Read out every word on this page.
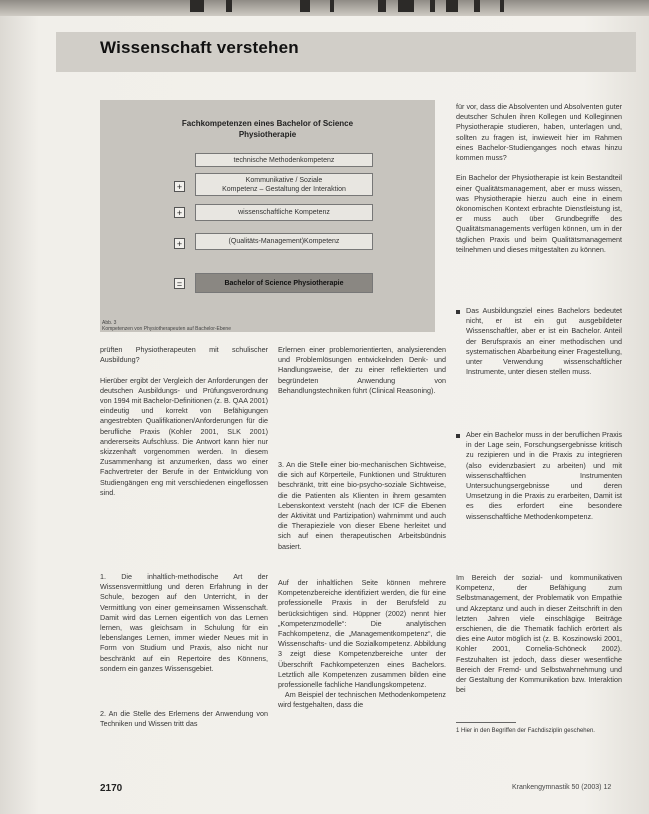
Wissenschaft verstehen
Fachkompetenzen eines Bachelor of Science
Physiotherapie
technische Methodenkompetenz
+
Kommunikative / Soziale
Kompetenz – Gestaltung der Interaktion
+	wissenschaftliche Kompetenz
+	(Qualitäts-Management)Kompetenz
=	Bachelor of Science Physiotherapie
Abb. 3
Kompetenzen von Physiotherapeuten auf Bachelor-Ebene
für vor, dass die Absolventen und Absolventen guter deutscher Schulen ihren Kollegen und Kolleginnen Physiotherapie studieren, haben, unterlagen und, sollten zu fragen ist, inwieweit hier im Rahmen eines Bachelor-Studienganges noch etwas hinzu kommen muss?

Ein Bachelor der Physiotherapie ist kein Bestandteil einer Qualitätsmanagement, aber er muss wissen, was Physiotherapie hierzu auch eine in einem ökonomischen Kontext erbrachte Dienstleistung ist, er muss auch über Grundbegriffe des Qualitätsmanagements verfügen können, um in der täglichen Praxis und beim Qualitätsmanagement teilnehmen und dieses mitgestalten zu können.
Das Ausbildungsziel eines Bachelors bedeutet nicht, er ist ein gut ausgebildeter Wissenschaftler, aber er ist ein Bachelor. Anteil der Berufspraxis an einer methodischen und systematischen Abarbeitung einer Fragestellung, unter Verwendung wissenschaftlicher Instrumente, unter diesen stellen muss.
Aber ein Bachelor muss in der beruflichen Praxis in der Lage sein, Forschungsergebnisse kritisch zu rezipieren und in die Praxis zu integrieren (also evidenzbasiert zu arbeiten) und mit wissenschaftlichen Instrumenten Untersuchungsergebnisse und deren Umsetzung in die Praxis zu erarbeiten, Damit ist es dies erfordert eine besondere wissenschaftliche Methodenkompetenz.
Im Bereich der sozial- und kommunikativen Kompetenz, der Befähigung zum Selbstmanagement, der Problematik von Empathie und Akzeptanz und auch in dieser Zeitschrift in den letzten Jahren viele einschlägige Beiträge erschienen, die die Thematik fachlich erörtert als dies eine Autor möglich ist (z. B. Koszinowski 2001, Kohler 2001, Cornelia-Schöneck 2002). Festzuhalten ist jedoch, dass dieser wesentliche Bereich der Fremd- und Selbstwahrnehmung und der Gestaltung der Kommunikation bzw. Interaktion bei
1 Hier in den Begriffen der Fachdisziplin geschehen.
prüften Physiotherapeuten mit schulischer Ausbildung?

Hierüber ergibt der Vergleich der Anforderungen der deutschen Ausbildungs- und Prüfungsverordnung von 1994 mit Bachelor-Definitionen (z. B. QAA 2001) eindeutig und korrekt von Befähigungen angestrebten Qualifikationen/Anforderungen für die berufliche Praxis (Kohler 2001, SLK 2001) andererseits Aufschluss. Die Antwort kann hier nur skizzenhaft vorgenommen werden. In diesem Zusammenhang ist anzumerken, dass wo einer Fachvertreter der Berufe in der Entwicklung von Studiengängen eng mit verschiedenen eingeflossen sind.
1. Die inhaltlich-methodische Art der Wissensvermittlung und deren Erfahrung in der Schule, bezogen auf den Unterricht, in der Vermittlung von einer gemeinsamen Wissenschaft. Damit wird das Lernen eigentlich von das Lernen lernen, was gleichsam in Schulung für ein lebenslanges Lernen, immer wieder Neues mit in Form von Studium und Praxis, also nicht nur beschränkt auf ein Repertoire des Könnens, sondern ein ganzes Wissensgebiet.
2. An die Stelle des Erlernens der Anwendung von Techniken und Wissen tritt das
Erlernen einer problemorientierten, analysierenden und Problemlösungen entwickelnden Denk- und Handlungsweise, der zu einer reflektierten und begründeten Anwendung von Behandlungstechniken führt (Clinical Reasoning).
3. An die Stelle einer bio-mechanischen Sichtweise, die sich auf Körperteile, Funktionen und Strukturen beschränkt, tritt eine bio-psycho-soziale Sichtweise, die die Patienten als Klienten in ihrem gesamten Lebenskontext versteht (nach der ICF die Ebenen der Aktivität und Partizipation) wahrnimmt und auch die Therapieziele von dieser Ebene herleitet und sich auf einen therapeutischen Arbeitsbündnis basiert.
Auf der inhaltlichen Seite können mehrere Kompetenzbereiche identifiziert werden, die für eine professionelle Praxis in der Berufsfeld zu berücksichtigen sind. Hüppner (2002) nennt hier „Kompetenzmodelle“: Die analytischen Fachkompetenz, die „Managementkompetenz“, die Wissenschafts- und die Sozialkompetenz. Abbildung 3 zeigt diese Kompetenzbereiche unter der Überschrift Fachkompetenzen eines Bachelors. Letztlich alle Kompetenzen zusammen bilden eine professionelle fachliche Handlungskompetenz.
Am Beispiel der technischen Methodenkompetenz wird festgehalten, dass die
2170	Krankengymnastik 50 (2003) 12
